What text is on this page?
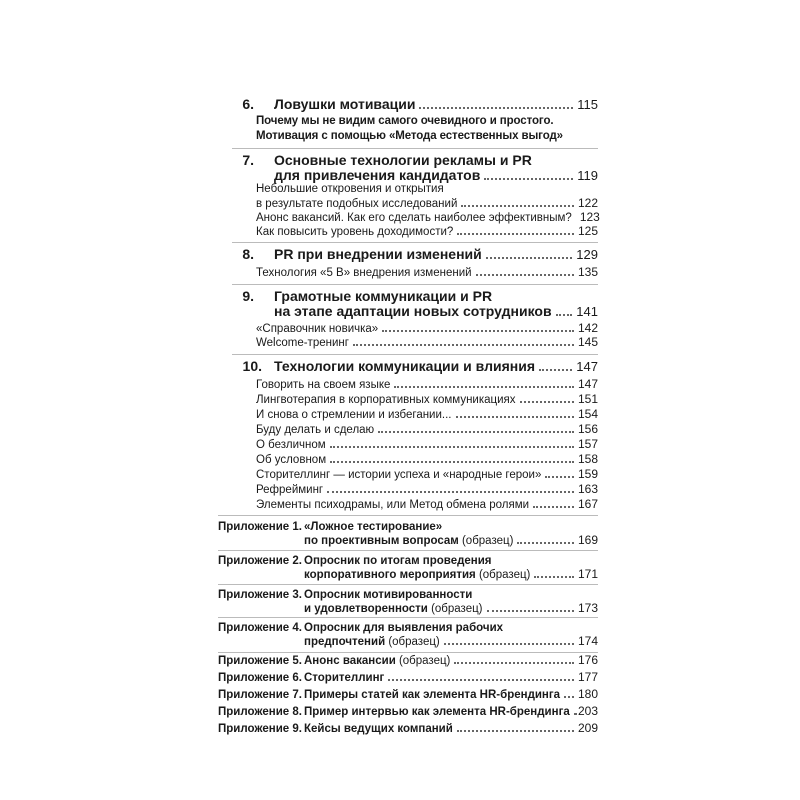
6. Ловушки мотивации	115
Почему мы не видим самого очевидного и простого.
Мотивация с помощью «Метода естественных выгод»
7. Основные технологии рекламы и PR
для привлечения кандидатов	119
Небольшие откровения и открытия
в результате подобных исследований	122
Анонс вакансий. Как его сделать наиболее эффективным? 123
Как повысить уровень доходимости?	125
8. PR при внедрении изменений	129
Технология «5 В» внедрения изменений	135
9. Грамотные коммуникации и PR
на этапе адаптации новых сотрудников 141
«Справочник новичка»	142
Welcome-тренинг	145
10. Технологии коммуникации и влияния	147
Говорить на своем языке	147
Лингвотерапия в корпоративных коммуникациях	151
И снова о стремлении и избегании...	154
Буду делать и сделаю	156
О безличном	157
Об условном	158
Сторителлинг — истории успеха и «народные герои»	159
Рефрейминг	163
Элементы психодрамы, или Метод обмена ролями	167
Приложение 1. «Ложное тестирование»
по проективным вопросам (образец)	169
Приложение 2. Опросник по итогам проведения
корпоративного мероприятия (образец)	171
Приложение 3. Опросник мотивированности
и удовлетворенности (образец)	173
Приложение 4. Опросник для выявления рабочих
предпочтений (образец)	174
Приложение 5. Анонс вакансии (образец)	176
Приложение 6. Сторителлинг	177
Приложение 7. Примеры статей как элемента HR-брендинга 180
Приложение 8. Пример интервью как элемента HR-брендинга 203
Приложение 9. Кейсы ведущих компаний	209
